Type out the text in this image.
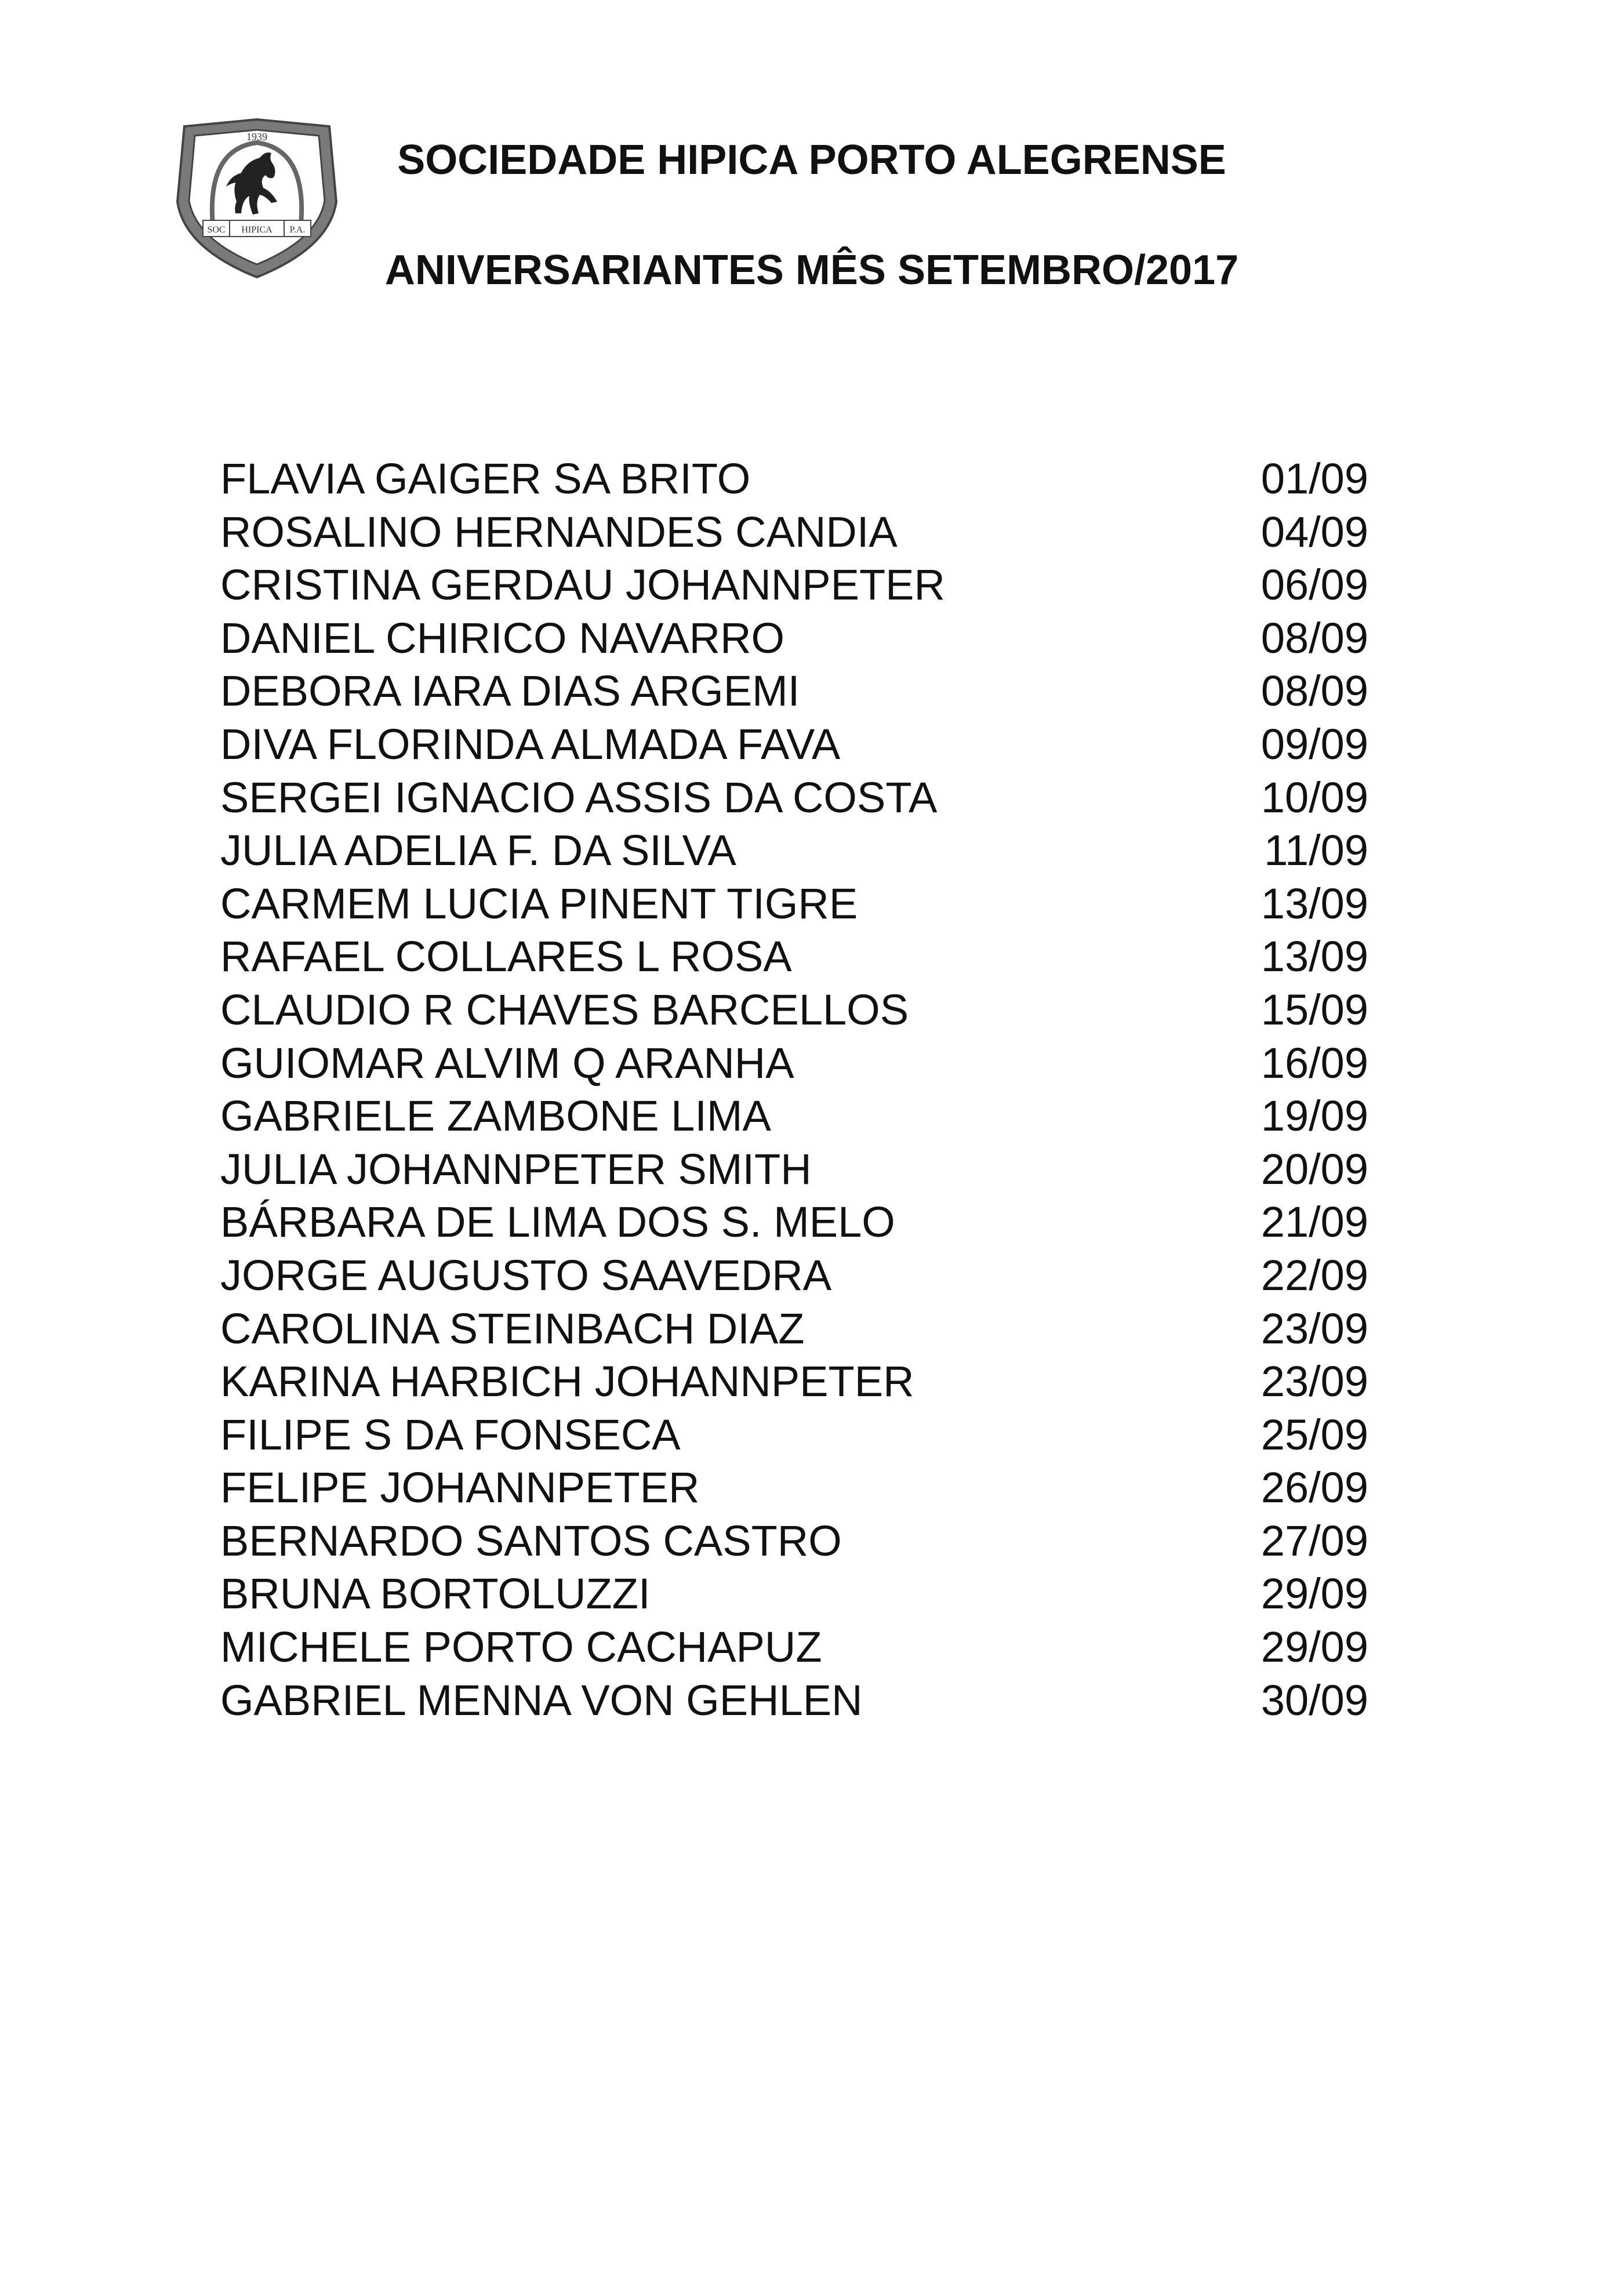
1939
SOC HIPICA P.A.
SOCIEDADE HIPICA PORTO ALEGRENSE
ANIVERSARIANTES MÊS SETEMBRO/2017
FLAVIA GAIGER SA BRITO	01/09
ROSALINO HERNANDES CANDIA	04/09
CRISTINA GERDAU JOHANNPETER	06/09
DANIEL CHIRICO NAVARRO	08/09
DEBORA IARA DIAS ARGEMI	08/09
DIVA FLORINDA ALMADA FAVA	09/09
SERGEI IGNACIO ASSIS DA COSTA	10/09
JULIA ADELIA F. DA SILVA	11/09
CARMEM LUCIA PINENT TIGRE	13/09
RAFAEL COLLARES L ROSA	13/09
CLAUDIO R CHAVES BARCELLOS	15/09
GUIOMAR ALVIM Q ARANHA	16/09
GABRIELE ZAMBONE LIMA	19/09
JULIA JOHANNPETER SMITH	20/09
BÁRBARA DE LIMA DOS S. MELO	21/09
JORGE AUGUSTO SAAVEDRA	22/09
CAROLINA STEINBACH DIAZ	23/09
KARINA HARBICH JOHANNPETER	23/09
FILIPE S DA FONSECA	25/09
FELIPE JOHANNPETER	26/09
BERNARDO SANTOS CASTRO	27/09
BRUNA BORTOLUZZI	29/09
MICHELE PORTO CACHAPUZ	29/09
GABRIEL MENNA VON GEHLEN	30/09
